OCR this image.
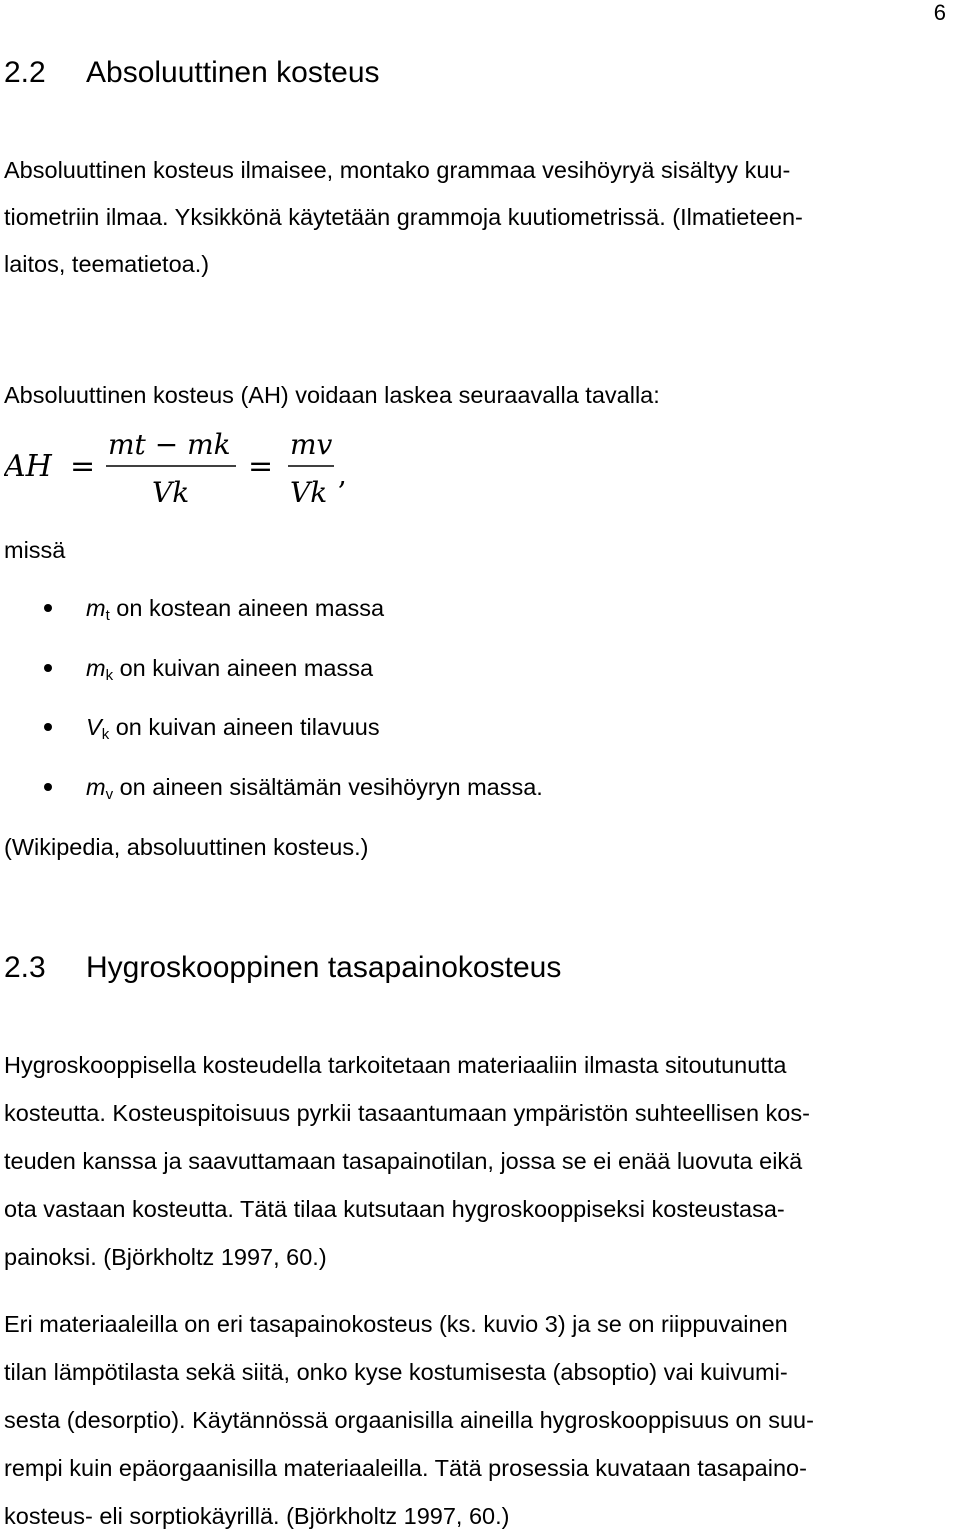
6
2.2 Absoluuttinen kosteus
Absoluuttinen kosteus ilmaisee, montako grammaa vesihöyryä sisältyy kuu-
tiometriin ilmaa. Yksikkönä käytetään grammoja kuutiometrissä. (Ilmatieteen-
laitos, teematietoa.)
Absoluuttinen kosteus (AH) voidaan laskea seuraavalla tavalla:
AH =
mt − mk
Vk
=
mv
Vk
,
missä
$m_t$ on kostean aineen massa
$m_k$ on kuivan aineen massa
$V_k$ on kuivan aineen tilavuus
$m_v$ on aineen sisältämän vesihöyryn massa.
(Wikipedia, absoluuttinen kosteus.)
2.3 Hygroskooppinen tasapainokosteus
Hygroskooppisella kosteudella tarkoitetaan materiaaliin ilmasta sitoutunutta
kosteutta. Kosteuspitoisuus pyrkii tasaantumaan ympäristön suhteellisen kos-
teuden kanssa ja saavuttamaan tasapainotilan, jossa se ei enää luovuta eikä
ota vastaan kosteutta. Tätä tilaa kutsutaan hygroskooppiseksi kosteustasa-
painoksi. (Björkholtz 1997, 60.)
Eri materiaaleilla on eri tasapainokosteus (ks. kuvio 3) ja se on riippuvainen
tilan lämpötilasta sekä siitä, onko kyse kostumisesta (absoptio) vai kuivumi-
sesta (desorptio). Käytännössä orgaanisilla aineilla hygroskooppisuus on suu-
rempi kuin epäorgaanisilla materiaaleilla. Tätä prosessia kuvataan tasapaino-
kosteus- eli sorptiokäyrillä. (Björkholtz 1997, 60.)
